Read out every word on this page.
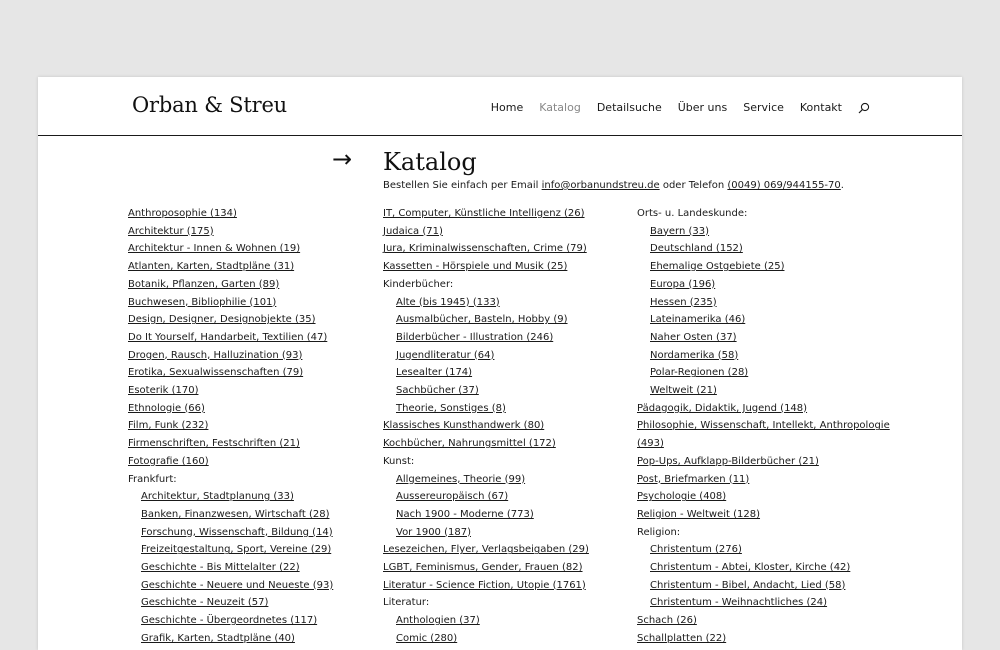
Orban & Streu	Home Katalog Detailsuche Über uns Service Kontakt
→ Katalog
Bestellen Sie einfach per Email info@orbanundstreu.de oder Telefon (0049) 069/944155-70.
Anthroposophie (134)
Architektur (175)
Architektur - Innen & Wohnen (19)
Atlanten, Karten, Stadtpläne (31)
Botanik, Pflanzen, Garten (89)
Buchwesen, Bibliophilie (101)
Design, Designer, Designobjekte (35)
Do It Yourself, Handarbeit, Textilien (47)
Drogen, Rausch, Halluzination (93)
Erotika, Sexualwissenschaften (79)
Esoterik (170)
Ethnologie (66)
Film, Funk (232)
Firmenschriften, Festschriften (21)
Fotografie (160)
Frankfurt:
Architektur, Stadtplanung (33)
Banken, Finanzwesen, Wirtschaft (28)
Forschung, Wissenschaft, Bildung (14)
Freizeitgestaltung, Sport, Vereine (29)
Geschichte - Bis Mittelalter (22)
Geschichte - Neuere und Neueste (93)
Geschichte - Neuzeit (57)
Geschichte - Übergeordnetes (117)
Grafik, Karten, Stadtpläne (40)
IT, Computer, Künstliche Intelligenz (26)
Judaica (71)
Jura, Kriminalwissenschaften, Crime (79)
Kassetten - Hörspiele und Musik (25)
Kinderbücher:
Alte (bis 1945) (133)
Ausmalbücher, Basteln, Hobby (9)
Bilderbücher - Illustration (246)
Jugendliteratur (64)
Lesealter (174)
Sachbücher (37)
Theorie, Sonstiges (8)
Klassisches Kunsthandwerk (80)
Kochbücher, Nahrungsmittel (172)
Kunst:
Allgemeines, Theorie (99)
Aussereuropäisch (67)
Nach 1900 - Moderne (773)
Vor 1900 (187)
Lesezeichen, Flyer, Verlagsbeigaben (29)
LGBT, Feminismus, Gender, Frauen (82)
Literatur - Science Fiction, Utopie (1761)
Literatur:
Anthologien (37)
Comic (280)
Orts- u. Landeskunde:
Bayern (33)
Deutschland (152)
Ehemalige Ostgebiete (25)
Europa (196)
Hessen (235)
Lateinamerika (46)
Naher Osten (37)
Nordamerika (58)
Polar-Regionen (28)
Weltweit (21)
Pädagogik, Didaktik, Jugend (148)
Philosophie, Wissenschaft, Intellekt, Anthropologie
(493)
Pop-Ups, Aufklapp-Bilderbücher (21)
Post, Briefmarken (11)
Psychologie (408)
Religion - Weltweit (128)
Religion:
Christentum (276)
Christentum - Abtei, Kloster, Kirche (42)
Christentum - Bibel, Andacht, Lied (58)
Christentum - Weihnachtliches (24)
Schach (26)
Schallplatten (22)
